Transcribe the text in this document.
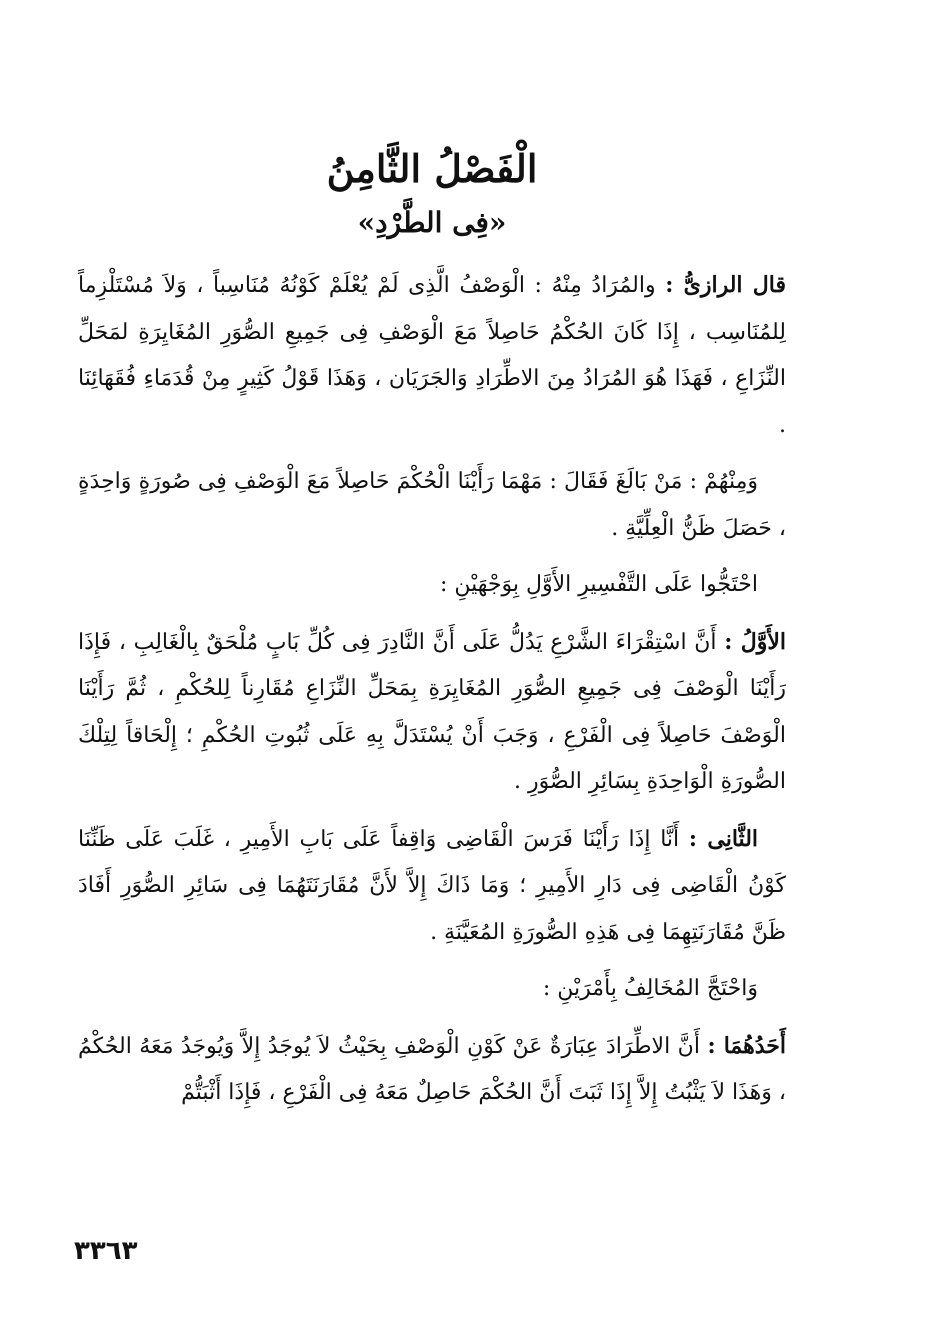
الْفَصْلُ الثَّامِنُ
«فِى الطَّرْدِ»

قال الرازىُّ : والمُرَادُ مِنْهُ : الْوَصْفُ الَّذِى لَمْ يُعْلَمْ كَوْنُهُ مُنَاسِباً ، وَلاَ مُسْتَلْزِماً لِلمُنَاسِب ، إِذَا كَانَ الحُكْمُ حَاصِلاً مَعَ الْوَصْفِ فِى جَمِيعِ الصُّوَرِ المُغَايِرَةِ لمَحَلِّ النِّزَاعِ ، فَهَذَا هُوَ المُرَادُ مِنَ الاطِّرَادِ وَالجَرَيَان ، وَهَذَا قَوْلُ كَثِيرٍ مِنْ قُدَمَاءِ فُقَهَائِنَا .

وَمِنْهُمْ : مَنْ بَالَغَ فَقَالَ : مَهْمَا رَأَيْنَا الْحُكْمَ حَاصِلاً مَعَ الْوَصْفِ فِى صُورَةٍ وَاحِدَةٍ ، حَصَلَ ظَنُّ الْعِلِّيَّةِ .

احْتَجُّوا عَلَى التَّفْسِيرِ الأَوَّلِ بِوَجْهَيْنِ :

الأَوَّلُ : أَنَّ اسْتِقْرَاءَ الشَّرْعِ يَدُلُّ عَلَى أَنَّ النَّادِرَ فِى كُلِّ بَابٍ مُلْحَقٌ بِالْغَالِبِ ، فَإِذَا رَأَيْنَا الْوَصْفَ فِى جَمِيعِ الصُّوَرِ المُغَايِرَةِ بِمَحَلِّ النِّزَاعِ مُقَارِناً لِلحُكْمِ ، ثُمَّ رَأَيْنَا الْوَصْفَ حَاصِلاً فِى الْفَرْعِ ، وَجَبَ أَنْ يُسْتَدَلَّ بِهِ عَلَى ثُبُوتِ الحُكْمِ ؛ إِلْحَاقاً لِتِلْكَ الصُّورَةِ الْوَاحِدَةِ بِسَائِرِ الصُّوَرِ .

الثَّانِى : أَنَّا إِذَا رَأَيْنَا فَرَسَ الْقَاضِى وَاقِفاً عَلَى بَابِ الأَمِيرِ ، غَلَبَ عَلَى ظَنِّنَا كَوْنُ الْقَاضِى فِى دَارِ الأَمِيرِ ؛ وَمَا ذَاكَ إِلاَّ لأَنَّ مُقَارَنَتَهُمَا فِى سَائِرِ الصُّوَرِ أَفَادَ ظَنَّ مُقَارَنَتِهِمَا فِى هَذِهِ الصُّورَةِ المُعَيَّنَةِ .

وَاحْتَجَّ المُخَالِفُ بِأَمْرَيْنِ :

أَحَدُهُمَا : أَنَّ الاطِّرَادَ عِبَارَةٌ عَنْ كَوْنِ الْوَصْفِ بِحَيْثُ لاَ يُوجَدُ إِلاَّ وَيُوجَدُ مَعَهُ الحُكْمُ ، وَهَذَا لاَ يَثْبُتُ إِلاَّ إِذَا ثَبَتَ أَنَّ الحُكْمَ حَاصِلٌ مَعَهُ فِى الْفَرْعِ ، فَإِذَا أَثْبَتُّمْ

٣٣٦٣
